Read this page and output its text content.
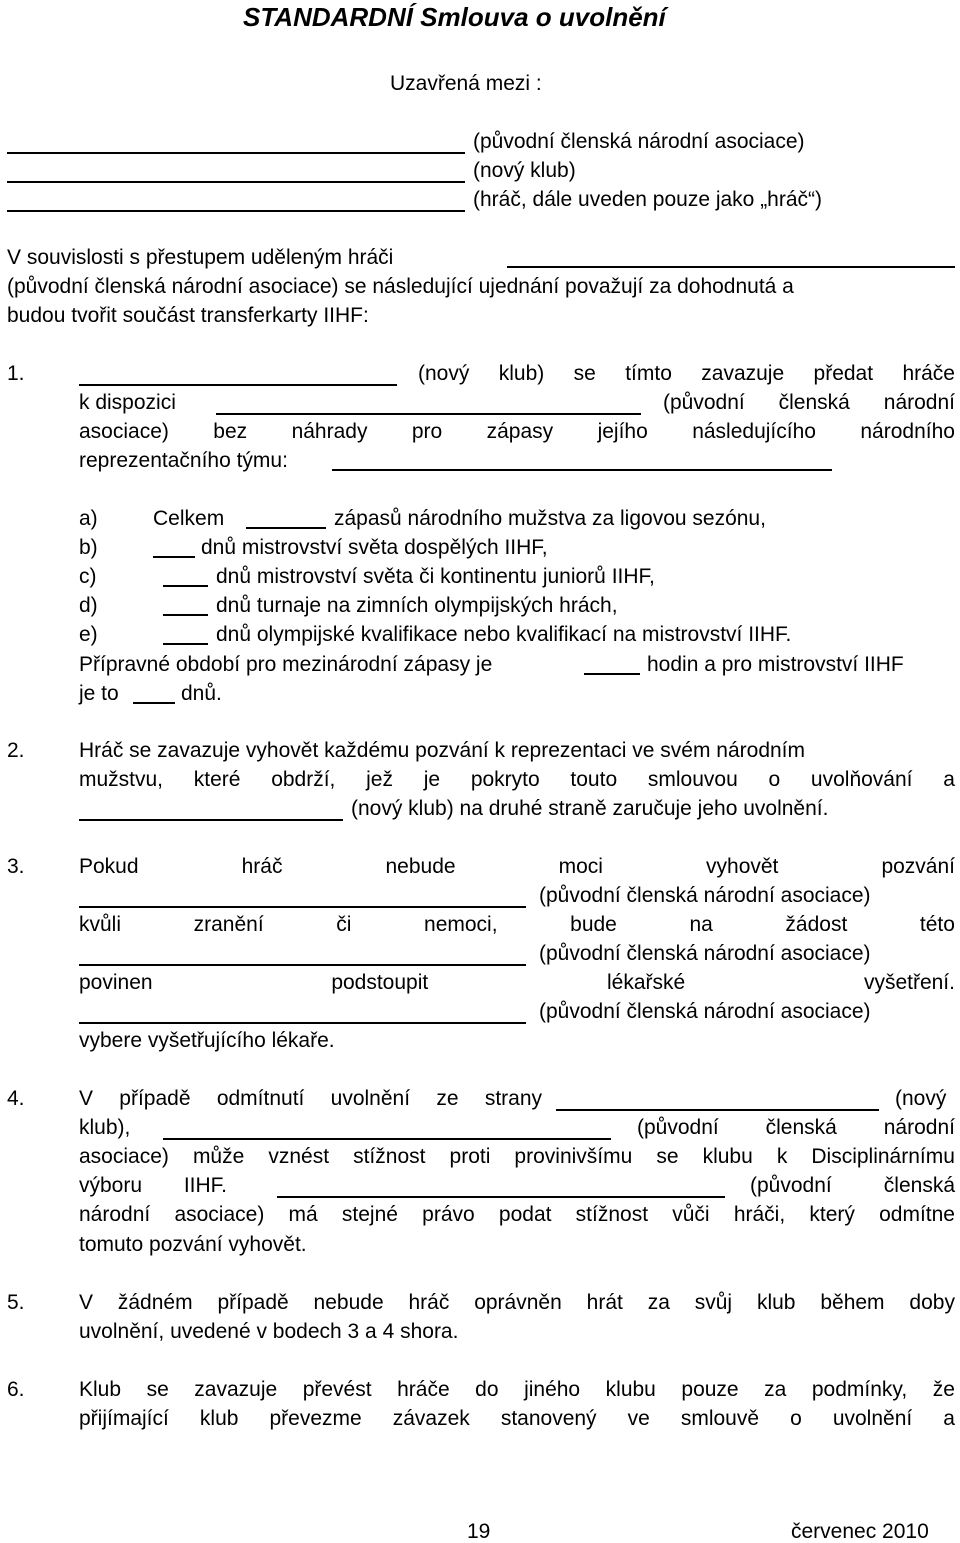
STANDARDNÍ Smlouva o uvolnění
Uzavřená mezi :
(původní členská národní asociace)
(nový klub)
(hráč, dále uveden pouze jako „hráč“)
V souvislosti s přestupem uděleným hráči
(původní členská národní asociace) se následující ujednání považují za dohodnutá a
budou tvořit součást transferkarty IIHF:
1.	(nový klub) se tímto zavazuje předat hráče
k dispozici	(původní členská národní
asociace) bez náhrady pro zápasy jejího následujícího národního
reprezentačního týmu:
a)	Celkem	zápasů národního mužstva za ligovou sezónu,
b)	dnů mistrovství světa dospělých IIHF,
c)	dnů mistrovství světa či kontinentu juniorů IIHF,
d)	dnů turnaje na zimních olympijských hrách,
e)	dnů olympijské kvalifikace nebo kvalifikací na mistrovství IIHF.
Přípravné období pro mezinárodní zápasy je	hodin a pro mistrovství IIHF
je to	dnů.
2.	Hráč se zavazuje vyhovět každému pozvání k reprezentaci ve svém národním
mužstvu, které obdrží, jež je pokryto touto smlouvou o uvolňování a
(nový klub) na druhé straně zaručuje jeho uvolnění.
3.	Pokud	hráč	nebude	moci	vyhovět	pozvání
(původní členská národní asociace)
kvůli	zranění	či	nemoci,	bude	na	žádost	této
(původní členská národní asociace)
povinen	podstoupit	lékařské	vyšetření.
(původní členská národní asociace)
vybere vyšetřujícího lékaře.
4.	V případě odmítnutí uvolnění ze strany	(nový
klub),	(původní členská národní
asociace) může vznést stížnost proti provinivšímu se klubu k Disciplinárnímu
výboru IIHF.	(původní členská
národní asociace) má stejné právo podat stížnost vůči hráči, který odmítne
tomuto pozvání vyhovět.
5.	V žádném případě nebude hráč oprávněn hrát za svůj klub během doby
uvolnění, uvedené v bodech 3 a 4 shora.
6.	Klub se zavazuje převést hráče do jiného klubu pouze za podmínky, že
přijímající klub převezme závazek stanovený ve smlouvě o uvolnění a
19	červenec 2010
